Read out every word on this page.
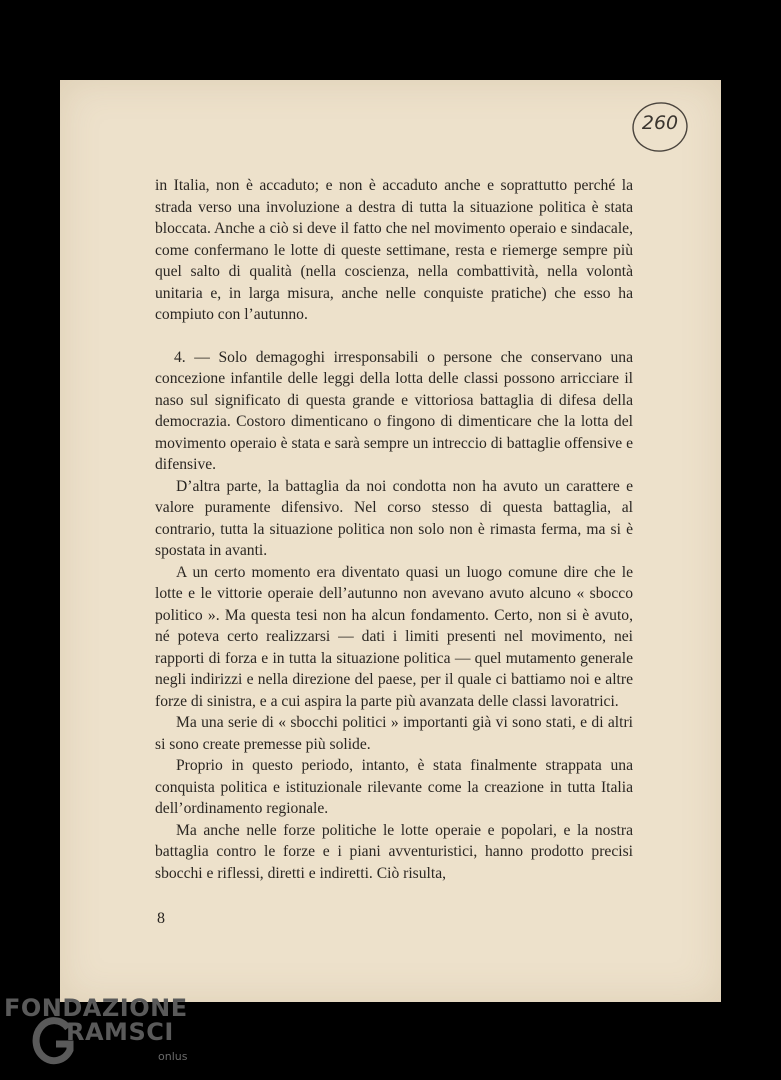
260

in Italia, non è accaduto; e non è accaduto anche e soprattutto perché la strada verso una involuzione a destra di tutta la situazione politica è stata bloccata. Anche a ciò si deve il fatto che nel movimento operaio e sindacale, come confermano le lotte di queste settimane, resta e riemerge sempre più quel salto di qualità (nella coscienza, nella combattività, nella volontà unitaria e, in larga misura, anche nelle conquiste pratiche) che esso ha compiuto con l’autunno.

4. — Solo demagoghi irresponsabili o persone che conservano una concezione infantile delle leggi della lotta delle classi possono arricciare il naso sul significato di questa grande e vittoriosa battaglia di difesa della democrazia. Costoro dimenticano o fingono di dimenticare che la lotta del movimento operaio è stata e sarà sempre un intreccio di battaglie offensive e difensive.

D’altra parte, la battaglia da noi condotta non ha avuto un carattere e valore puramente difensivo. Nel corso stesso di questa battaglia, al contrario, tutta la situazione politica non solo non è rimasta ferma, ma si è spostata in avanti.

A un certo momento era diventato quasi un luogo comune dire che le lotte e le vittorie operaie dell’autunno non avevano avuto alcuno « sbocco politico ». Ma questa tesi non ha alcun fondamento. Certo, non si è avuto, né poteva certo realizzarsi — dati i limiti presenti nel movimento, nei rapporti di forza e in tutta la situazione politica — quel mutamento generale negli indirizzi e nella direzione del paese, per il quale ci battiamo noi e altre forze di sinistra, e a cui aspira la parte più avanzata delle classi lavoratrici.

Ma una serie di « sbocchi politici » importanti già vi sono stati, e di altri si sono create premesse più solide.

Proprio in questo periodo, intanto, è stata finalmente strappata una conquista politica e istituzionale rilevante come la creazione in tutta Italia dell’ordinamento regionale.

Ma anche nelle forze politiche le lotte operaie e popolari, e la nostra battaglia contro le forze e i piani avventuristici, hanno prodotto precisi sbocchi e riflessi, diretti e indiretti. Ciò risulta,

8
FONDAZIONE
RAMSCI
onlus
